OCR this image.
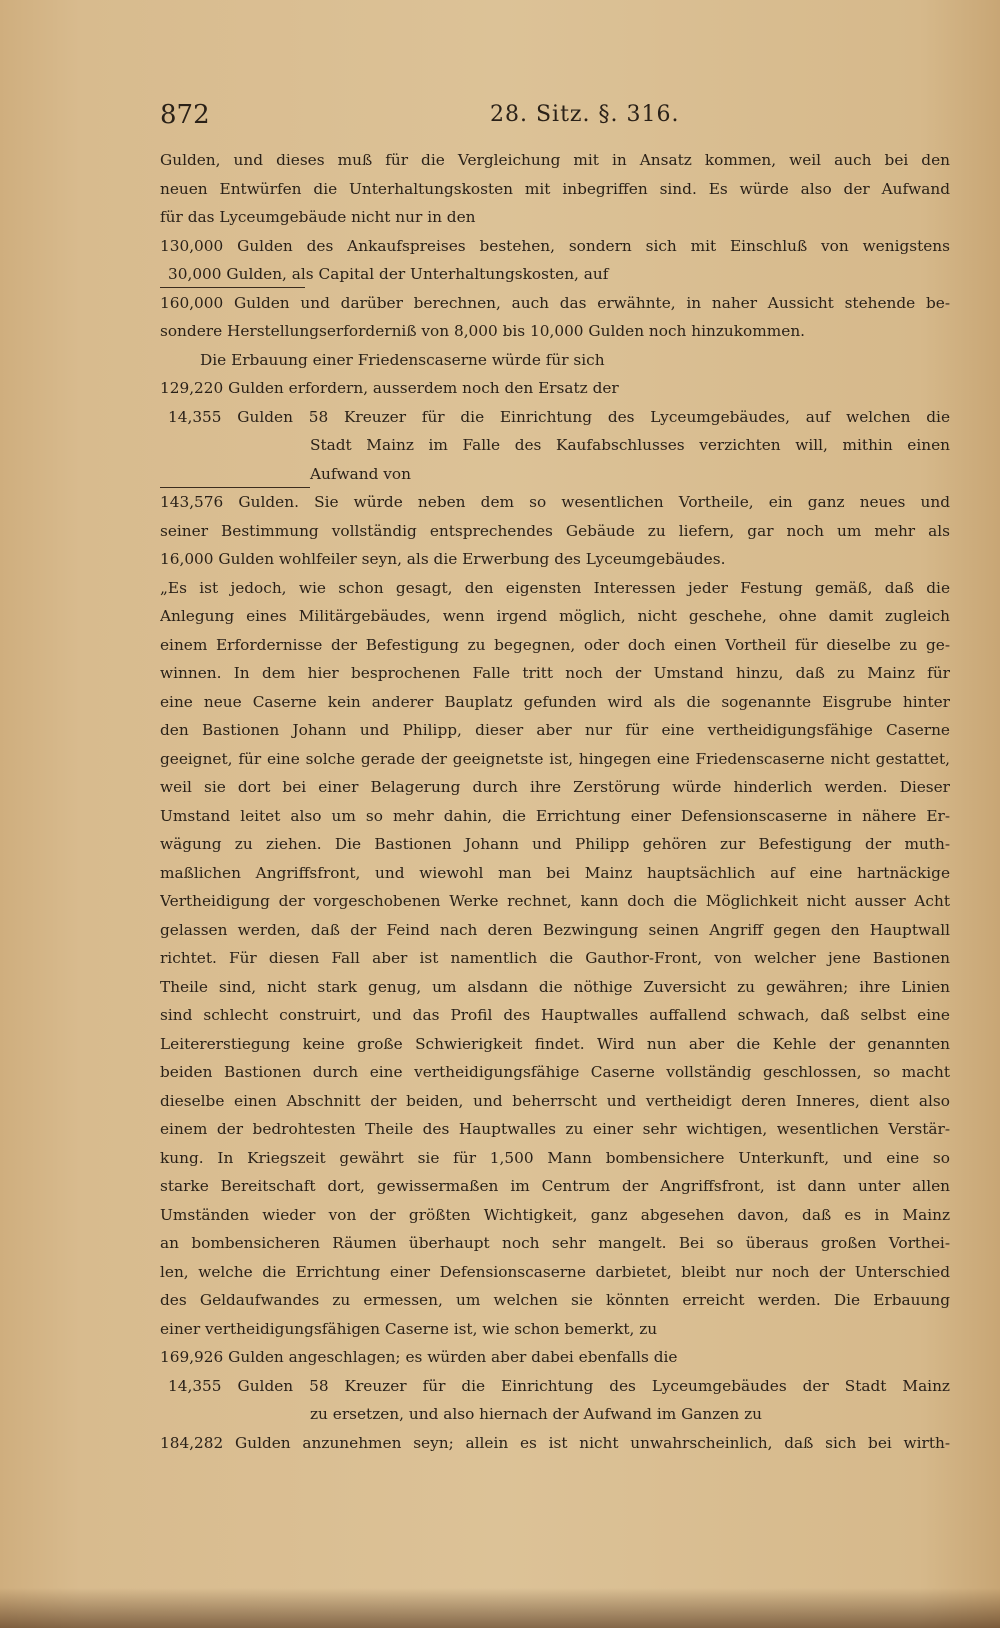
872	28. Sitz. §. 316.
Gulden, und dieses muß für die Vergleichung mit in Ansatz kommen, weil auch bei den
neuen Entwürfen die Unterhaltungskosten mit inbegriffen sind. Es würde also der Aufwand
für das Lyceumgebäude nicht nur in den
130,000 Gulden des Ankaufspreises bestehen, sondern sich mit Einschluß von wenigstens
30,000 Gulden, als Capital der Unterhaltungskosten, auf
160,000 Gulden und darüber berechnen, auch das erwähnte, in naher Aussicht stehende be-
sondere Herstellungserforderniß von 8,000 bis 10,000 Gulden noch hinzukommen.
Die Erbauung einer Friedenscaserne würde für sich
129,220 Gulden erfordern, ausserdem noch den Ersatz der
14,355 Gulden 58 Kreuzer für die Einrichtung des Lyceumgebäudes, auf welchen die
Stadt Mainz im Falle des Kaufabschlusses verzichten will, mithin einen
Aufwand von
143,576 Gulden. Sie würde neben dem so wesentlichen Vortheile, ein ganz neues und
seiner Bestimmung vollständig entsprechendes Gebäude zu liefern, gar noch um mehr als
16,000 Gulden wohlfeiler seyn, als die Erwerbung des Lyceumgebäudes.
„Es ist jedoch, wie schon gesagt, den eigensten Interessen jeder Festung gemäß, daß die
Anlegung eines Militärgebäudes, wenn irgend möglich, nicht geschehe, ohne damit zugleich
einem Erfordernisse der Befestigung zu begegnen, oder doch einen Vortheil für dieselbe zu ge-
winnen. In dem hier besprochenen Falle tritt noch der Umstand hinzu, daß zu Mainz für
eine neue Caserne kein anderer Bauplatz gefunden wird als die sogenannte Eisgrube hinter
den Bastionen Johann und Philipp, dieser aber nur für eine vertheidigungsfähige Caserne
geeignet, für eine solche gerade der geeignetste ist, hingegen eine Friedenscaserne nicht gestattet,
weil sie dort bei einer Belagerung durch ihre Zerstörung würde hinderlich werden. Dieser
Umstand leitet also um so mehr dahin, die Errichtung einer Defensionscaserne in nähere Er-
wägung zu ziehen. Die Bastionen Johann und Philipp gehören zur Befestigung der muth-
maßlichen Angriffsfront, und wiewohl man bei Mainz hauptsächlich auf eine hartnäckige
Vertheidigung der vorgeschobenen Werke rechnet, kann doch die Möglichkeit nicht ausser Acht
gelassen werden, daß der Feind nach deren Bezwingung seinen Angriff gegen den Hauptwall
richtet. Für diesen Fall aber ist namentlich die Gauthor-Front, von welcher jene Bastionen
Theile sind, nicht stark genug, um alsdann die nöthige Zuversicht zu gewähren; ihre Linien
sind schlecht construirt, und das Profil des Hauptwalles auffallend schwach, daß selbst eine
Leitererstiegung keine große Schwierigkeit findet. Wird nun aber die Kehle der genannten
beiden Bastionen durch eine vertheidigungsfähige Caserne vollständig geschlossen, so macht
dieselbe einen Abschnitt der beiden, und beherrscht und vertheidigt deren Inneres, dient also
einem der bedrohtesten Theile des Hauptwalles zu einer sehr wichtigen, wesentlichen Verstär-
kung. In Kriegszeit gewährt sie für 1,500 Mann bombensichere Unterkunft, und eine so
starke Bereitschaft dort, gewissermaßen im Centrum der Angriffsfront, ist dann unter allen
Umständen wieder von der größten Wichtigkeit, ganz abgesehen davon, daß es in Mainz
an bombensicheren Räumen überhaupt noch sehr mangelt. Bei so überaus großen Vorthei-
len, welche die Errichtung einer Defensionscaserne darbietet, bleibt nur noch der Unterschied
des Geldaufwandes zu ermessen, um welchen sie könnten erreicht werden. Die Erbauung
einer vertheidigungsfähigen Caserne ist, wie schon bemerkt, zu
169,926 Gulden angeschlagen; es würden aber dabei ebenfalls die
14,355 Gulden 58 Kreuzer für die Einrichtung des Lyceumgebäudes der Stadt Mainz
zu ersetzen, und also hiernach der Aufwand im Ganzen zu
184,282 Gulden anzunehmen seyn; allein es ist nicht unwahrscheinlich, daß sich bei wirth-
